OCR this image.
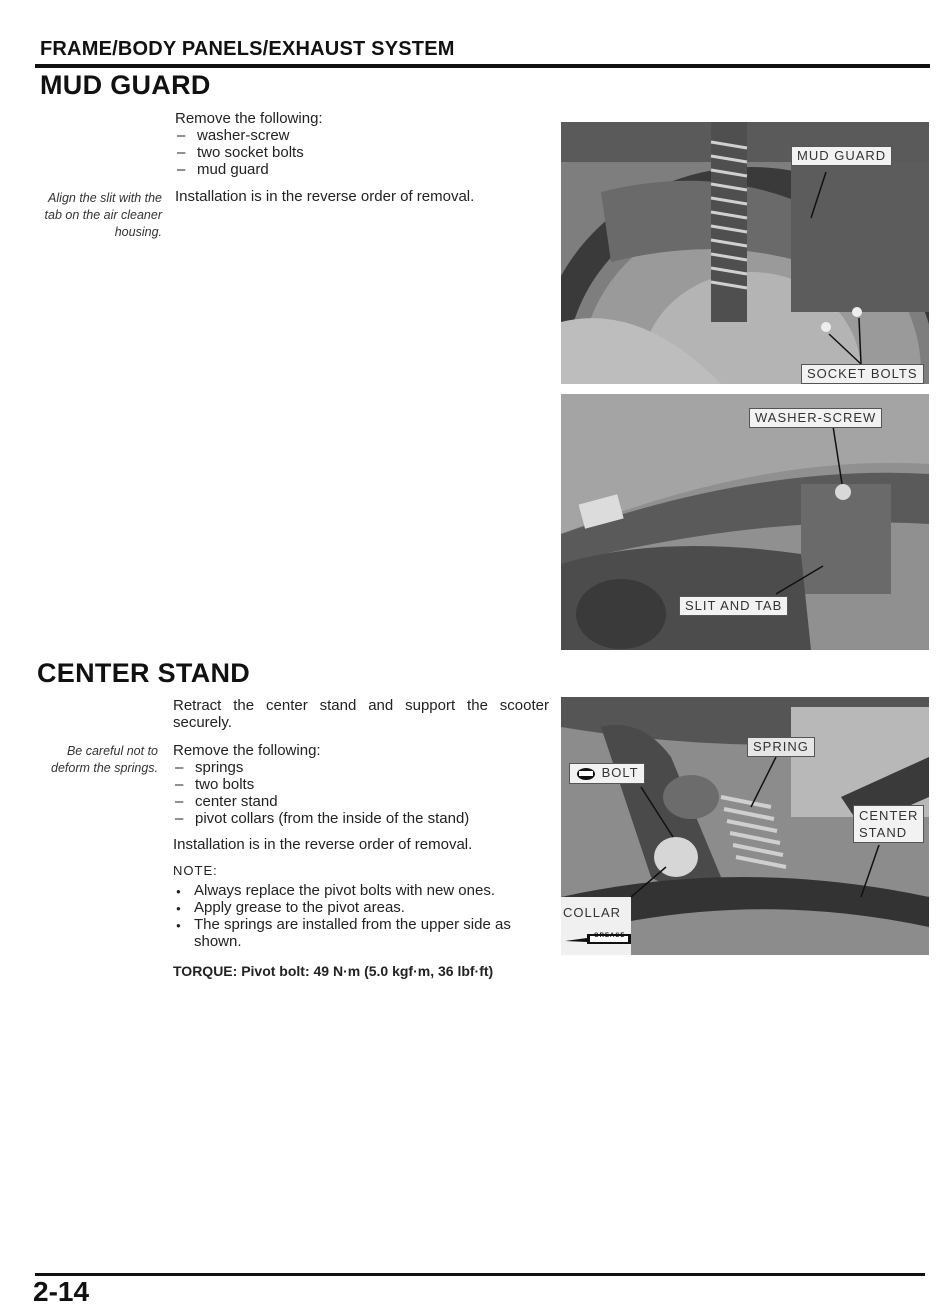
FRAME/BODY PANELS/EXHAUST SYSTEM
MUD GUARD
Remove the following:
– washer-screw
– two socket bolts
– mud guard
Align the slit with the tab on the air cleaner housing.
Installation is in the reverse order of removal.
MUD GUARD
SOCKET BOLTS
WASHER-SCREW
SLIT AND TAB
CENTER STAND
Retract the center stand and support the scooter securely.
Be careful not to deform the springs.
Remove the following:
– springs
– two bolts
– center stand
– pivot collars (from the inside of the stand)
Installation is in the reverse order of removal.
NOTE:
● Always replace the pivot bolts with new ones.
● Apply grease to the pivot areas.
● The springs are installed from the upper side as shown.
TORQUE: Pivot bolt: 49 N·m (5.0 kgf·m, 36 lbf·ft)
SPRING
BOLT
CENTER
STAND
COLLAR
GREASE
2-14
